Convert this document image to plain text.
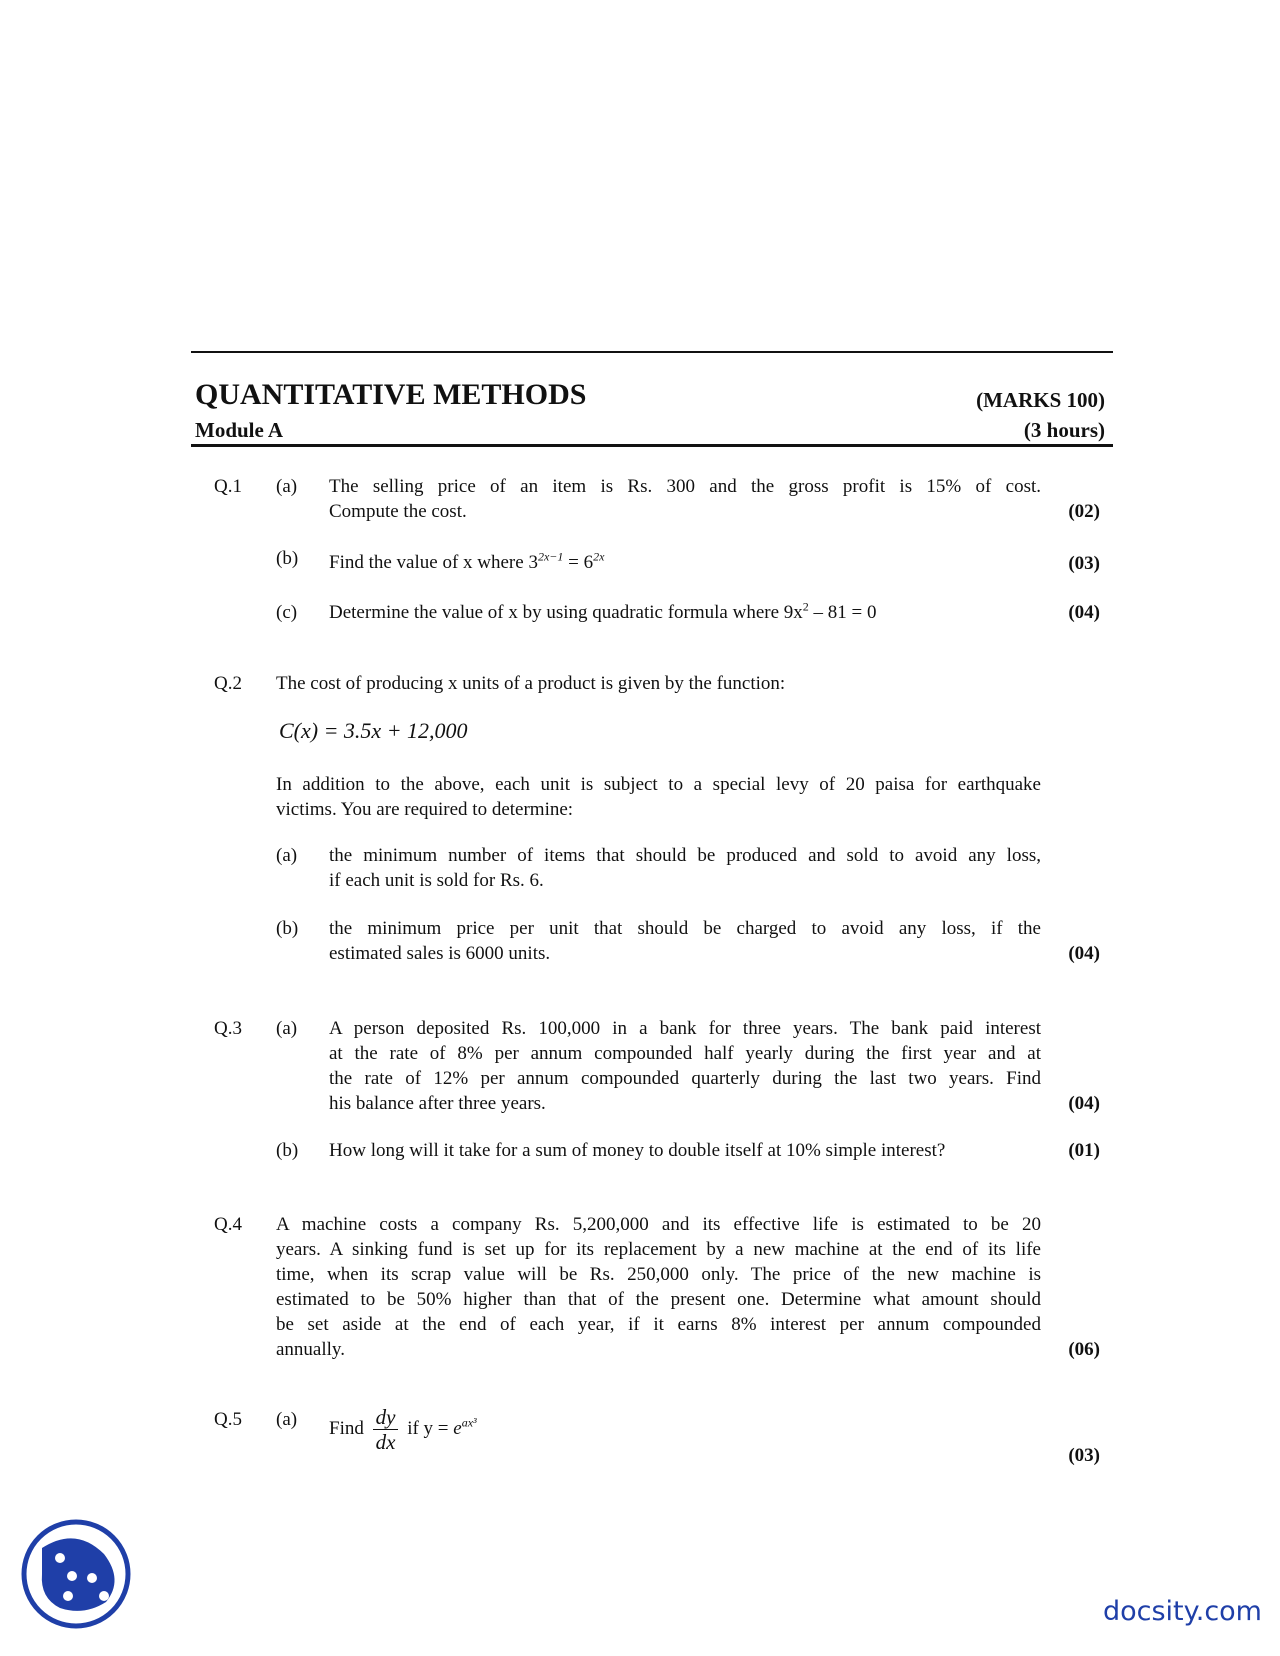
QUANTITATIVE METHODS	(MARKS 100)
Module A	(3 hours)
Q.1 (a) The selling price of an item is Rs. 300 and the gross profit is 15% of cost.
Compute the cost.	(02)
(b) Find the value of x where $3^{2x-1} = 6^{2x}$	(03)
(c) Determine the value of x by using quadratic formula where $9x^2 - 81 = 0$	(04)
Q.2 The cost of producing x units of a product is given by the function:
C(x) = 3.5x + 12,000
In addition to the above, each unit is subject to a special levy of 20 paisa for earthquake
victims. You are required to determine:
(a) the minimum number of items that should be produced and sold to avoid any loss,
if each unit is sold for Rs. 6.
(b) the minimum price per unit that should be charged to avoid any loss, if the
estimated sales is 6000 units.	(04)
Q.3 (a) A person deposited Rs. 100,000 in a bank for three years. The bank paid interest
at the rate of 8% per annum compounded half yearly during the first year and at
the rate of 12% per annum compounded quarterly during the last two years. Find
his balance after three years.	(04)
(b) How long will it take for a sum of money to double itself at 10% simple interest?	(01)
Q.4 A machine costs a company Rs. 5,200,000 and its effective life is estimated to be 20
years. A sinking fund is set up for its replacement by a new machine at the end of its life
time, when its scrap value will be Rs. 250,000 only. The price of the new machine is
estimated to be 50% higher than that of the present one. Determine what amount should
be set aside at the end of each year, if it earns 8% interest per annum compounded
annually.	(06)
Q.5 (a) Find $\frac{dy}{dx}$ if $y = e^{ax^3}$
(03)
docsity.com
